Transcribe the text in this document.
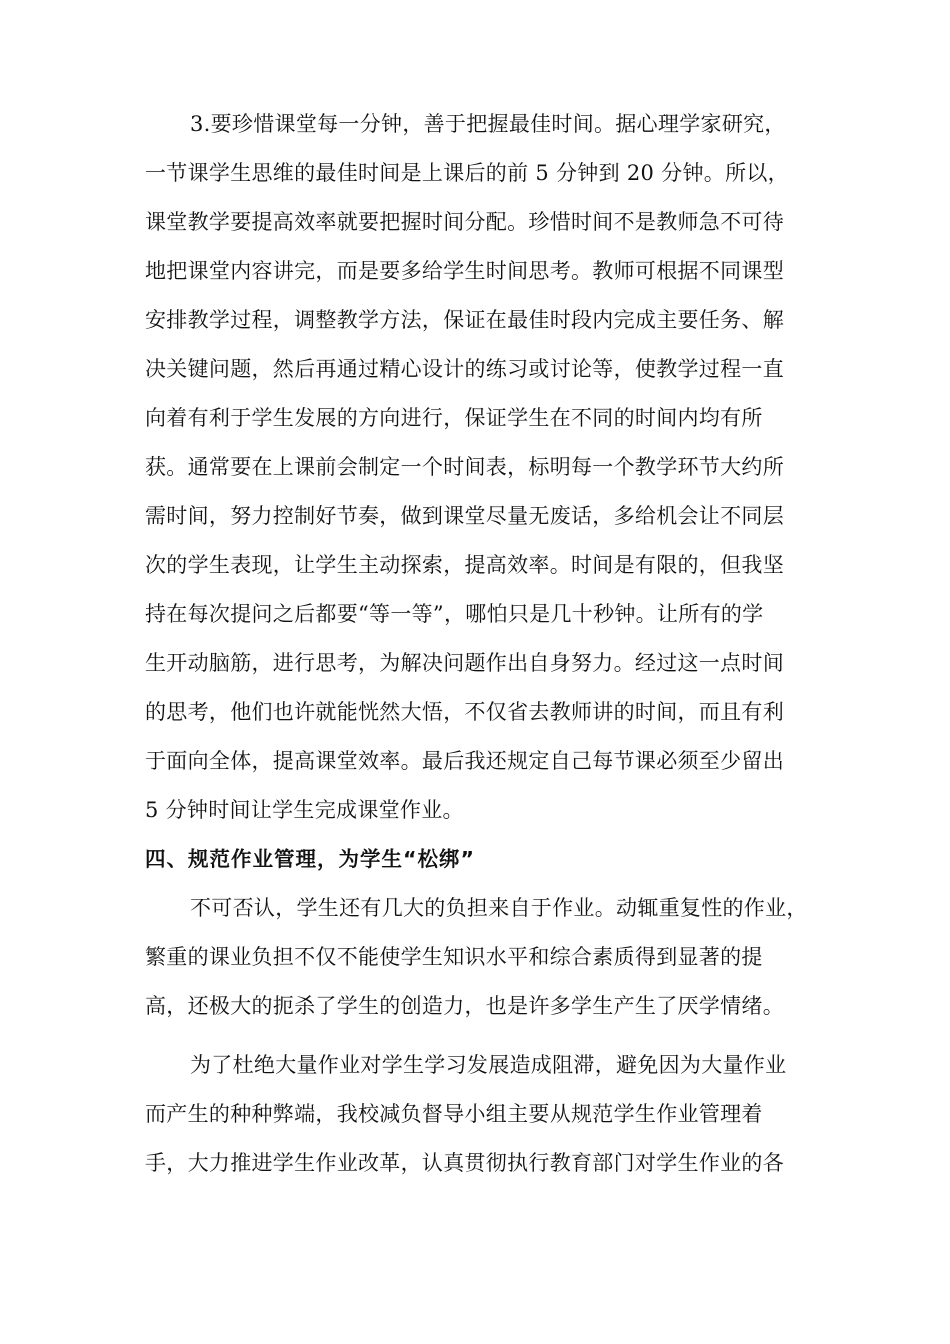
3.要珍惜课堂每一分钟，善于把握最佳时间。据心理学家研究，
一节课学生思维的最佳时间是上课后的前 5 分钟到 20 分钟。所以，
课堂教学要提高效率就要把握时间分配。珍惜时间不是教师急不可待
地把课堂内容讲完，而是要多给学生时间思考。教师可根据不同课型
安排教学过程，调整教学方法，保证在最佳时段内完成主要任务、解
决关键问题，然后再通过精心设计的练习或讨论等，使教学过程一直
向着有利于学生发展的方向进行，保证学生在不同的时间内均有所
获。通常要在上课前会制定一个时间表，标明每一个教学环节大约所
需时间，努力控制好节奏，做到课堂尽量无废话，多给机会让不同层
次的学生表现，让学生主动探索，提高效率。时间是有限的，但我坚
持在每次提问之后都要“等一等”，哪怕只是几十秒钟。让所有的学
生开动脑筋，进行思考，为解决问题作出自身努力。经过这一点时间
的思考，他们也许就能恍然大悟，不仅省去教师讲的时间，而且有利
于面向全体，提高课堂效率。最后我还规定自己每节课必须至少留出
5 分钟时间让学生完成课堂作业。
四、规范作业管理，为学生“松绑”
不可否认，学生还有几大的负担来自于作业。动辄重复性的作业，
繁重的课业负担不仅不能使学生知识水平和综合素质得到显著的提
高，还极大的扼杀了学生的创造力，也是许多学生产生了厌学情绪。
为了杜绝大量作业对学生学习发展造成阻滞，避免因为大量作业
而产生的种种弊端，我校减负督导小组主要从规范学生作业管理着
手，大力推进学生作业改革，认真贯彻执行教育部门对学生作业的各
